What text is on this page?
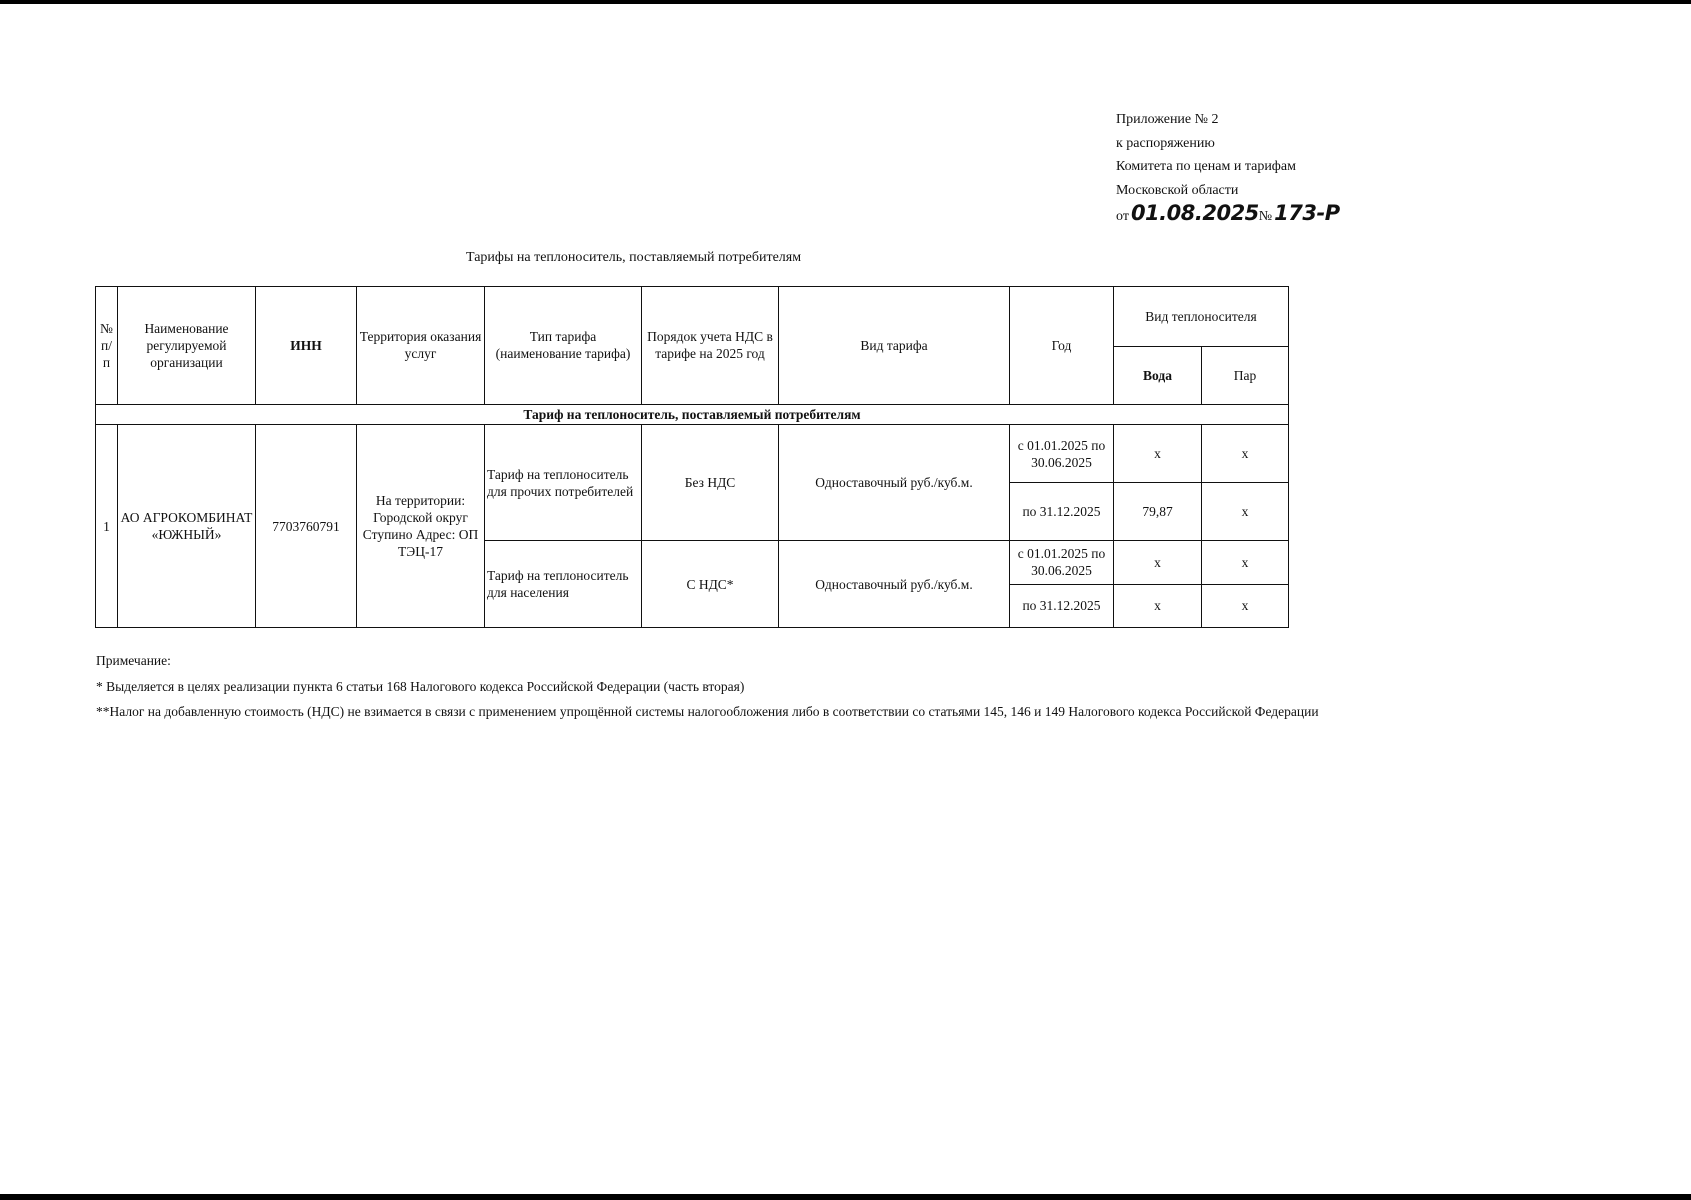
Приложение № 2
к распоряжению
Комитета по ценам и тарифам
Московской области
от 01.08.2025 № 173-Р
Тарифы на теплоноситель, поставляемый потребителям
№ п/п	Наименование регулируемой организации	ИНН	Территория оказания услуг	Тип тарифа (наименование тарифа)	Порядок учета НДС в тарифе на 2025 год	Вид тарифа	Год	Вид теплоносителя	
								Вода	Пар
Тариф на теплоноситель, поставляемый потребителям									
1	АО АГРОКОМБИНАТ «ЮЖНЫЙ»	7703760791	На территории: Городской округ Ступино Адрес: ОП ТЭЦ-17	Тариф на теплоноситель для прочих потребителей	Без НДС	Одноставочный руб./куб.м.	с 01.01.2025 по 30.06.2025	x	x
							по 31.12.2025	79,87	x
				Тариф на теплоноситель для населения	С НДС*	Одноставочный руб./куб.м.	с 01.01.2025 по 30.06.2025	x	x
							по 31.12.2025	x	x
Примечание:
* Выделяется в целях реализации пункта 6 статьи 168 Налогового кодекса Российской Федерации (часть вторая)
**Налог на добавленную стоимость (НДС) не взимается в связи с применением упрощённой системы налогообложения либо в соответствии со статьями 145, 146 и 149 Налогового кодекса Российской Федерации
